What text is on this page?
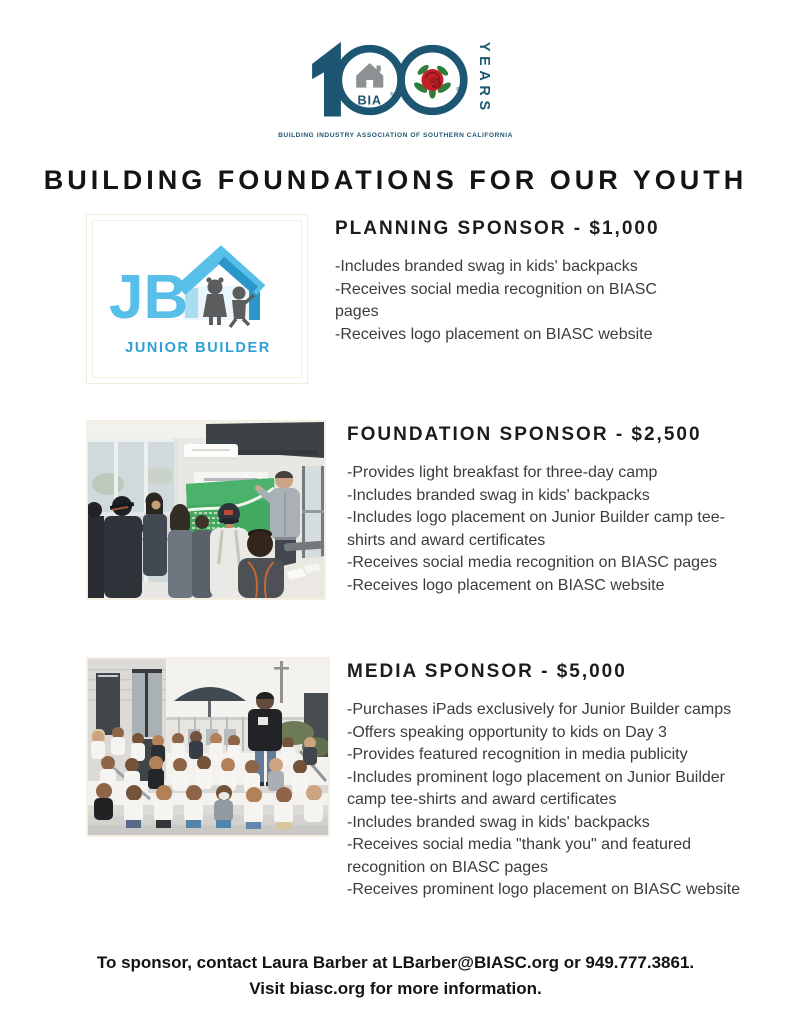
BIA ®
® YEARS
BUILDING INDUSTRY ASSOCIATION OF SOUTHERN CALIFORNIA
BUILDING FOUNDATIONS FOR OUR YOUTH
JB
JUNIOR BUILDER
PLANNING SPONSOR - $1,000
-Includes branded swag in kids' backpacks
-Receives social media recognition on BIASC pages
-Receives logo placement on BIASC website
FOUNDATION SPONSOR - $2,500
-Provides light breakfast for three-day camp
-Includes branded swag in kids' backpacks
-Includes logo placement on Junior Builder camp tee-shirts and award certificates
-Receives social media recognition on BIASC pages
-Receives logo placement on BIASC website
MEDIA SPONSOR - $5,000
-Purchases iPads exclusively for Junior Builder camps
-Offers speaking opportunity to kids on Day 3
-Provides featured recognition in media publicity
-Includes prominent logo placement on Junior Builder camp tee-shirts and award certificates
-Includes branded swag in kids' backpacks
-Receives social media "thank you" and featured recognition on BIASC pages
-Receives prominent logo placement on BIASC website
To sponsor, contact Laura Barber at LBarber@BIASC.org or 949.777.3861.
Visit biasc.org for more information.
